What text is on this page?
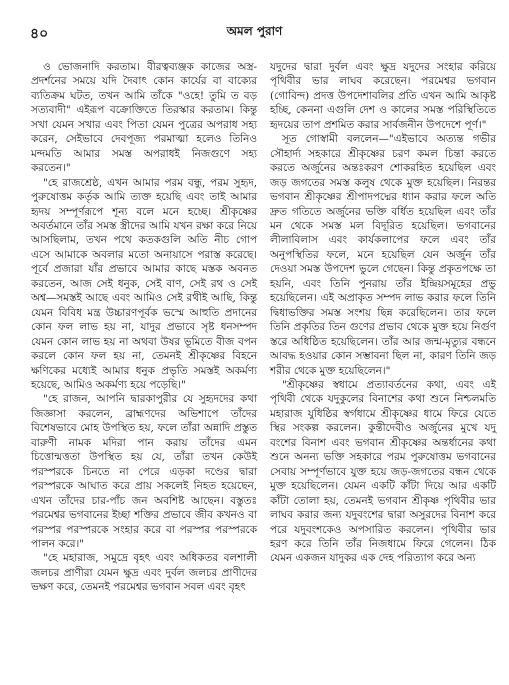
৪০	অমল পুরাণ

ও ভোজনাদি করতাম। বীরত্বব্যঞ্জক কাজের অস্ত্র-প্রদর্শনের সময়ে যদি দৈবাৎ কোন কার্যের বা বাক্যের ব্যতিক্রম ঘটত, তখন আমি তাঁকে "ওহে! তুমি ত বড় সত্যবাদী" এইরূপ বক্রোক্তিতে তিরস্কার করতাম। কিন্তু সখা যেমন সখার এবং পিতা যেমন পুত্রের অপরাধ সহ্য করেন, সেইভাবে দেবপূজ্য পরমাত্মা হলেও তিনিও মন্দমতি আমার সমস্ত অপরাধই নিজগুণে সহ্য করতেন।"

"হে রাজশ্রেষ্ঠ, এখন আমার পরম বন্ধু, পরম সুহৃদ, পুরুষোত্তম কর্তৃক আমি ত্যক্ত হয়েছি এবং তাই আমার হৃদয় সম্পূর্ণরূপে শূন্য বলে মনে হচ্ছে। শ্রীকৃষ্ণের অবর্তমানে তাঁর সমস্ত স্ত্রীদের আমি যখন রক্ষা করে নিয়ে আসছিলাম, তখন পথে কতকগুলি অতি নীচ গোপ এসে আমাকে অবলার মতো অনায়াসে পরাস্ত করেছে। পূর্বে প্রজারা যাঁর প্রভাবে আমার কাছে মস্তক অবনত করতেন, আজ সেই ধনুক, সেই বাণ, সেই রথ ও সেই অশ্ব—সমস্তই আছে এবং আমিও সেই রথীই আছি, কিন্তু যেমন বিবিধ মন্ত্র উচ্চারণপূর্বক ভস্মে আহুতি প্রদানের কোন ফল লাভ হয় না, যাদুর প্রভাবে সৃষ্ট ধনসম্পদ যেমন কোন লাভ হয় না অথবা উষর ভূমিতে বীজ বপন করলে কোন ফল হয় না, তেমনই শ্রীকৃষ্ণের বিহনে ক্ষণিকের মধ্যেই আমার ধনুক প্রভৃতি সমস্তই অকর্মণ্য হয়েছে, আমিও অকর্মণ্য হয়ে পড়েছি।"

"হে রাজন, আপনি দ্বারকাপুরীর যে সুহৃদদের কথা জিজ্ঞাসা করলেন, ব্রাহ্মণদের অভিশাপে তাঁদের বিশেষভাবে মোহ উপস্থিত হয়, ফলে তাঁরা অন্নাদি প্রস্তুত বারুণী নামক মদিরা পান করায় তাঁদের এমন চিত্তোন্মত্ততা উপস্থিত হয় যে, তাঁরা তখন কেউই পরস্পরকে চিনতে না পেরে এড়কা দণ্ডের দ্বারা পরস্পরকে আঘাত করে প্রায় সকলেই নিহত হয়েছেন, এখন তাঁদের চার-পাঁচ জন অবশিষ্ট আছেন। বস্তুতঃ পরমেশ্বর ভগবানের ইচ্ছা শক্তির প্রভাবে জীব কখনও বা পরস্পর পরস্পরকে সংহার করে বা পরস্পর পরস্পরকে পালন করে।"

"হে মহারাজ, সমুদ্রে বৃহৎ এবং অধিকতর বলশালী জলচর প্রাণীরা যেমন ক্ষুদ্র এবং দুর্বল জলচর প্রাণীদের ভক্ষণ করে, তেমনই পরমেশ্বর ভগবান সবল এবং বৃহৎ

যদুদের দ্বারা দুর্বল এবং ক্ষুদ্র যদুদের সংহার করিয়ে পৃথিবীর ভার লাঘব করেছেন। পরমেশ্বর ভগবান (গোবিন্দ) প্রদত্ত উপদেশাবলির প্রতি এখন আমি আকৃষ্ট হচ্ছি, কেননা এগুলি দেশ ও কালের সমস্ত পরিস্থিতিতে হৃদয়ের তাপ প্রশমিত করার সার্বজনীন উপদেশে পূর্ণ।"

সূত গোস্বামী বললেন—"এইভাবে অত্যন্ত গভীর সৌহার্দ্য সহকারে শ্রীকৃষ্ণের চরণ কমল চিন্তা করতে করতে অর্জুনের অন্তঃকরণ শোকরহিত হয়েছিল এবং জড় জগতের সমস্ত কলুষ থেকে মুক্ত হয়েছিল। নিরন্তর ভগবান শ্রীকৃষ্ণের শ্রীপাদপদ্মের ধ্যান করার ফলে অতি দ্রুত গতিতে অর্জুনের ভক্তি বর্ধিত হয়েছিল এবং তাঁর মন থেকে সমস্ত মল বিদূরিত হয়েছিল। ভগবানের লীলাবিলাস এবং কার্যকলাপের ফলে এবং তাঁর অনুপস্থিতির ফলে, মনে হয়েছিল যেন অর্জুন তাঁর দেওয়া সমস্ত উপদেশ ভুলে গেছেন। কিন্তু প্রকৃতপক্ষে তা হয়নি, এবং তিনি পুনরায় তাঁর ইন্দ্রিয়সমূহের প্রভু হয়েছিলেন। এই অপ্রাকৃত সম্পদ লাভ করার ফলে তিনি দ্বিধাভক্তির সমস্ত সংশয় ছিন্ন করেছিলেন। তার ফলে তিনি প্রকৃতির তিন গুণের প্রভাব থেকে মুক্ত হয়ে নির্গুণ স্তরে অধিষ্ঠিত হয়েছিলেন। তাঁর আর জন্ম-মৃত্যুর বন্ধনে আবদ্ধ হওয়ার কোন সম্ভাবনা ছিল না, কারণ তিনি জড় শরীর থেকে মুক্ত হয়েছিলেন।"

"শ্রীকৃষ্ণের স্বধামে প্রত্যাবর্তনের কথা, এবং এই পৃথিবী থেকে যদুকুলের বিনাশের কথা শুনে নিশ্চলমতি মহারাজ যুধিষ্ঠির স্বর্গধামে শ্রীকৃষ্ণের ধামে ফিরে যেতে স্থির সংকল্প করলেন। কুন্তীদেবীও অর্জুনের মুখে যদু বংশের বিনাশ এবং ভগবান শ্রীকৃষ্ণের অন্তর্ধানের কথা শুনে অনন্য ভক্তি সহকারে পরম পুরুষোত্তম ভগবানের সেবায় সম্পূর্ণভাবে যুক্ত হয়ে জড়-জগতের বন্ধন থেকে মুক্ত হয়েছিলেন। যেমন একটি কাঁটা দিয়ে আর একটি কাঁটা তোলা হয়, তেমনই ভগবান শ্রীকৃষ্ণ পৃথিবীর ভার লাঘব করার জন্য যদুবংশের দ্বারা অসুরদের বিনাশ করে পরে যদুবংশকেও অপসারিত করলেন। পৃথিবীর ভার হরণ করে তিনি তাঁর নিজধামে ফিরে গেলেন। ঠিক যেমন একজন যাদুকর এক দেহ পরিত্যাগ করে অন্য
